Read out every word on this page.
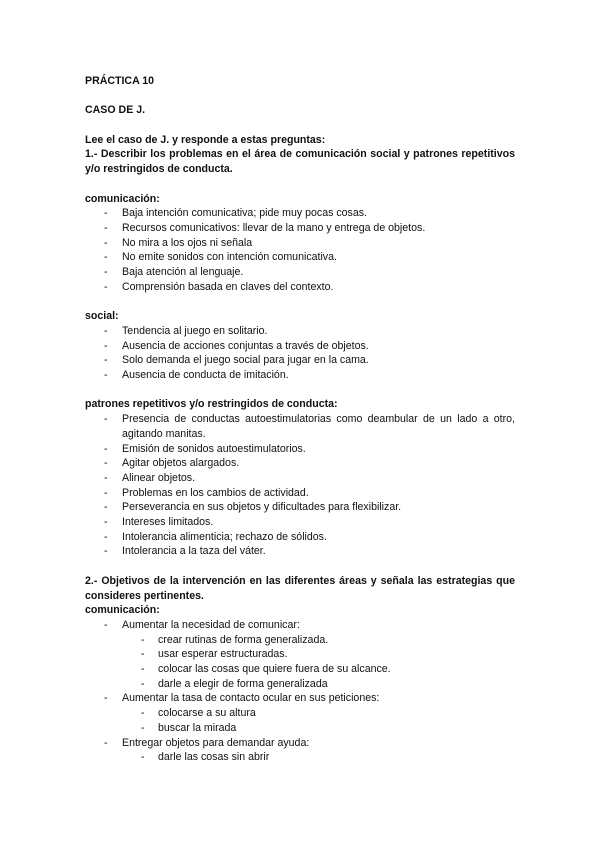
PRÁCTICA 10

CASO DE J.

Lee el caso de J. y responde a estas preguntas:

1.- Describir los problemas en el área de comunicación social y patrones repetitivos y/o restringidos de conducta.

comunicación:

- Baja intención comunicativa; pide muy pocas cosas.
- Recursos comunicativos: llevar de la mano y entrega de objetos.
- No mira a los ojos ni señala
- No emite sonidos con intención comunicativa.
- Baja atención al lenguaje.
- Comprensión basada en claves del contexto.

social:

- Tendencia al juego en solitario.
- Ausencia de acciones conjuntas a través de objetos.
- Solo demanda el juego social para jugar en la cama.
- Ausencia de conducta de imitación.

patrones repetitivos y/o restringidos de conducta:

- Presencia de conductas autoestimulatorias como deambular de un lado a otro, agitando manitas.
- Emisión de sonidos autoestimulatorios.
- Agitar objetos alargados.
- Alinear objetos.
- Problemas en los cambios de actividad.
- Perseverancia en sus objetos y dificultades para flexibilizar.
- Intereses limitados.
- Intolerancia alimenticia; rechazo de sólidos.
- Intolerancia a la taza del váter.

2.- Objetivos de la intervención en las diferentes áreas y señala las estrategias que consideres pertinentes.

comunicación:

- Aumentar la necesidad de comunicar:
- crear rutinas de forma generalizada.
- usar esperar estructuradas.
- colocar las cosas que quiere fuera de su alcance.
- darle a elegir de forma generalizada
- Aumentar la tasa de contacto ocular en sus peticiones:
- colocarse a su altura
- buscar la mirada
- Entregar objetos para demandar ayuda:
- darle las cosas sin abrir
